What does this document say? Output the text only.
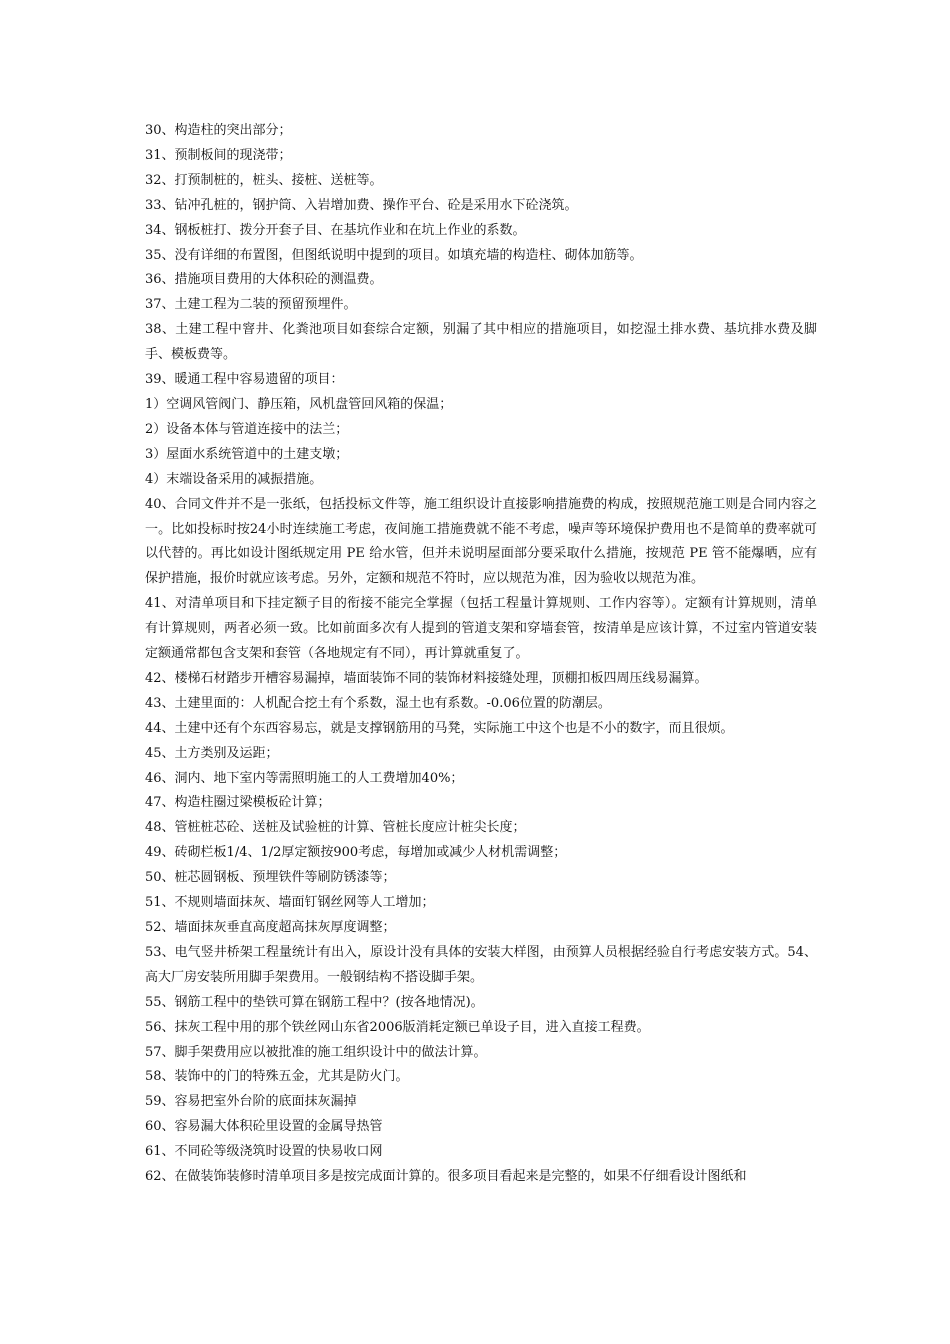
30、构造柱的突出部分；

31、预制板间的现浇带；

32、打预制桩的，桩头、接桩、送桩等。

33、钻冲孔桩的，钢护筒、入岩增加费、操作平台、砼是采用水下砼浇筑。

34、钢板桩打、拨分开套子目、在基坑作业和在坑上作业的系数。

35、没有详细的布置图，但图纸说明中提到的项目。如填充墙的构造柱、砌体加筋等。

36、措施项目费用的大体积砼的测温费。

37、土建工程为二装的预留预埋件。

38、土建工程中窨井、化粪池项目如套综合定额，别漏了其中相应的措施项目，如挖湿土排水费、基坑排水费及脚手、模板费等。

39、暖通工程中容易遗留的项目：

1）空调风管阀门、静压箱，风机盘管回风箱的保温；

2）设备本体与管道连接中的法兰；

3）屋面水系统管道中的土建支墩；

4）末端设备采用的减振措施。

40、合同文件并不是一张纸，包括投标文件等，施工组织设计直接影响措施费的构成，按照规范施工则是合同内容之一。比如投标时按24小时连续施工考虑，夜间施工措施费就不能不考虑，噪声等环境保护费用也不是简单的费率就可以代替的。再比如设计图纸规定用 PE 给水管，但并未说明屋面部分要采取什么措施，按规范 PE 管不能爆晒，应有保护措施，报价时就应该考虑。另外，定额和规范不符时，应以规范为准，因为验收以规范为准。

41、对清单项目和下挂定额子目的衔接不能完全掌握（包括工程量计算规则、工作内容等）。定额有计算规则，清单有计算规则，两者必须一致。比如前面多次有人提到的管道支架和穿墙套管，按清单是应该计算，不过室内管道安装定额通常都包含支架和套管（各地规定有不同），再计算就重复了。

42、楼梯石材踏步开槽容易漏掉，墙面装饰不同的装饰材料接缝处理，顶棚扣板四周压线易漏算。

43、土建里面的：人机配合挖土有个系数，湿土也有系数。-0.06位置的防潮层。

44、土建中还有个东西容易忘，就是支撑钢筋用的马凳，实际施工中这个也是不小的数字，而且很烦。

45、土方类别及运距；

46、洞内、地下室内等需照明施工的人工费增加40%；

47、构造柱圈过梁模板砼计算；

48、管桩桩芯砼、送桩及试验桩的计算、管桩长度应计桩尖长度；

49、砖砌栏板1/4、1/2厚定额按900考虑，每增加或减少人材机需调整；

50、桩芯圆钢板、预埋铁件等刷防锈漆等；

51、不规则墙面抹灰、墙面钉钢丝网等人工增加；

52、墙面抹灰垂直高度超高抹灰厚度调整；

53、电气竖井桥架工程量统计有出入，原设计没有具体的安装大样图，由预算人员根据经验自行考虑安装方式。54、高大厂房安装所用脚手架费用。一般钢结构不搭设脚手架。

55、钢筋工程中的垫铁可算在钢筋工程中？(按各地情况)。

56、抹灰工程中用的那个铁丝网山东省2006版消耗定额已单设子目，进入直接工程费。

57、脚手架费用应以被批准的施工组织设计中的做法计算。

58、装饰中的门的特殊五金，尤其是防火门。

59、容易把室外台阶的底面抹灰漏掉

60、容易漏大体积砼里设置的金属导热管

61、不同砼等级浇筑时设置的快易收口网

62、在做装饰装修时清单项目多是按完成面计算的。很多项目看起来是完整的，如果不仔细看设计图纸和
